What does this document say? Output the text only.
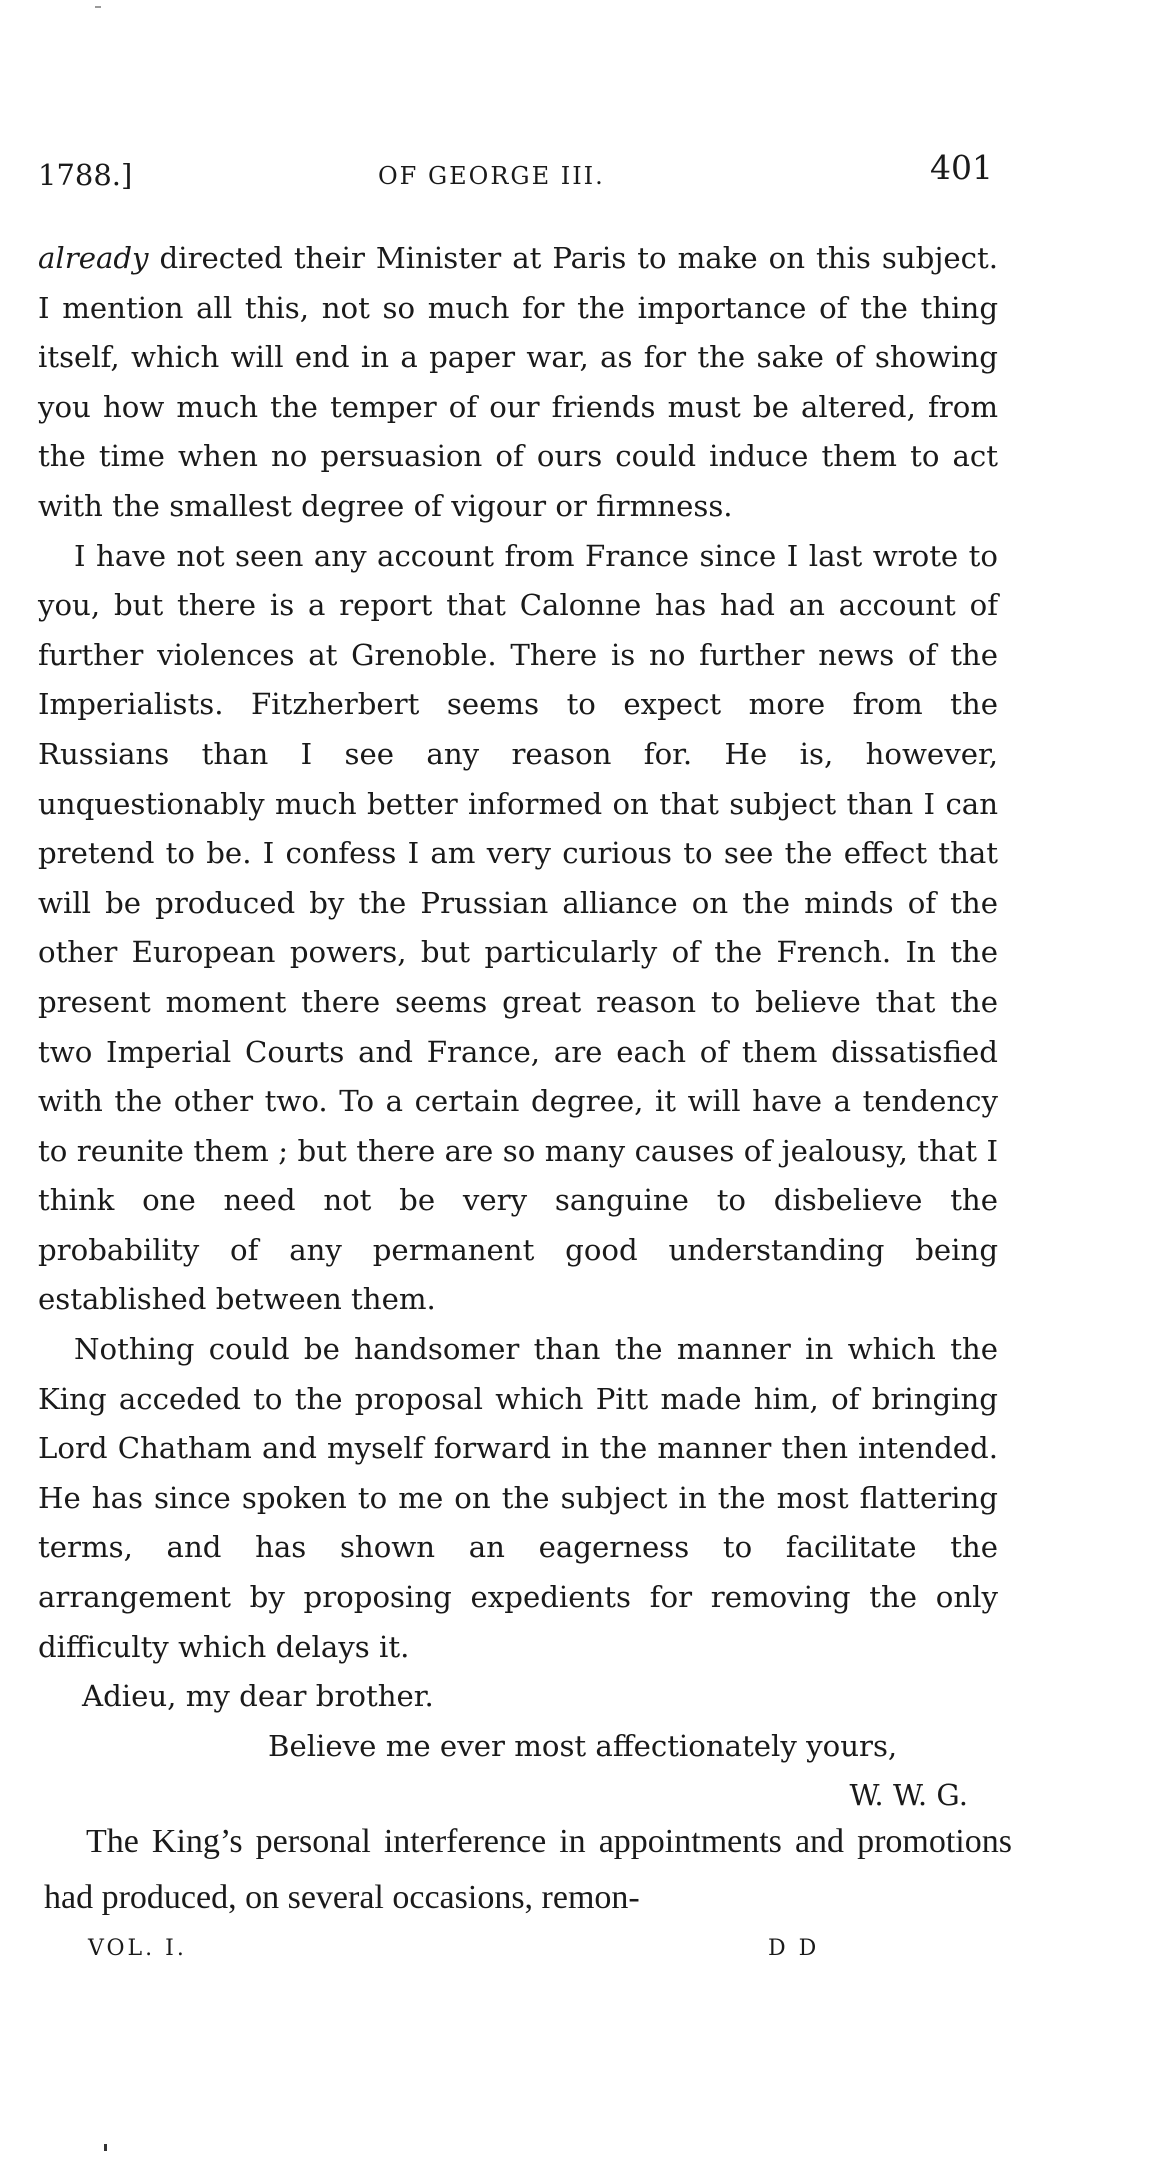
1788.]	OF GEORGE III.	401

already directed their Minister at Paris to make on this subject. I mention all this, not so much for the importance of the thing itself, which will end in a paper war, as for the sake of showing you how much the temper of our friends must be altered, from the time when no persuasion of ours could induce them to act with the smallest degree of vigour or firmness.

I have not seen any account from France since I last wrote to you, but there is a report that Calonne has had an account of further violences at Grenoble. There is no further news of the Imperialists. Fitzherbert seems to expect more from the Russians than I see any reason for. He is, however, unquestionably much better informed on that subject than I can pretend to be. I confess I am very curious to see the effect that will be produced by the Prussian alliance on the minds of the other European powers, but particularly of the French. In the present moment there seems great reason to believe that the two Imperial Courts and France, are each of them dissatisfied with the other two. To a certain degree, it will have a tendency to reunite them ; but there are so many causes of jealousy, that I think one need not be very sanguine to disbelieve the probability of any permanent good understanding being established between them.

Nothing could be handsomer than the manner in which the King acceded to the proposal which Pitt made him, of bringing Lord Chatham and myself forward in the manner then intended. He has since spoken to me on the subject in the most flattering terms, and has shown an eagerness to facilitate the arrangement by proposing expedients for removing the only difficulty which delays it.

Adieu, my dear brother.

Believe me ever most affectionately yours,

W. W. G.

The King’s personal interference in appointments and promotions had produced, on several occasions, remon-

VOL. I.	D D
